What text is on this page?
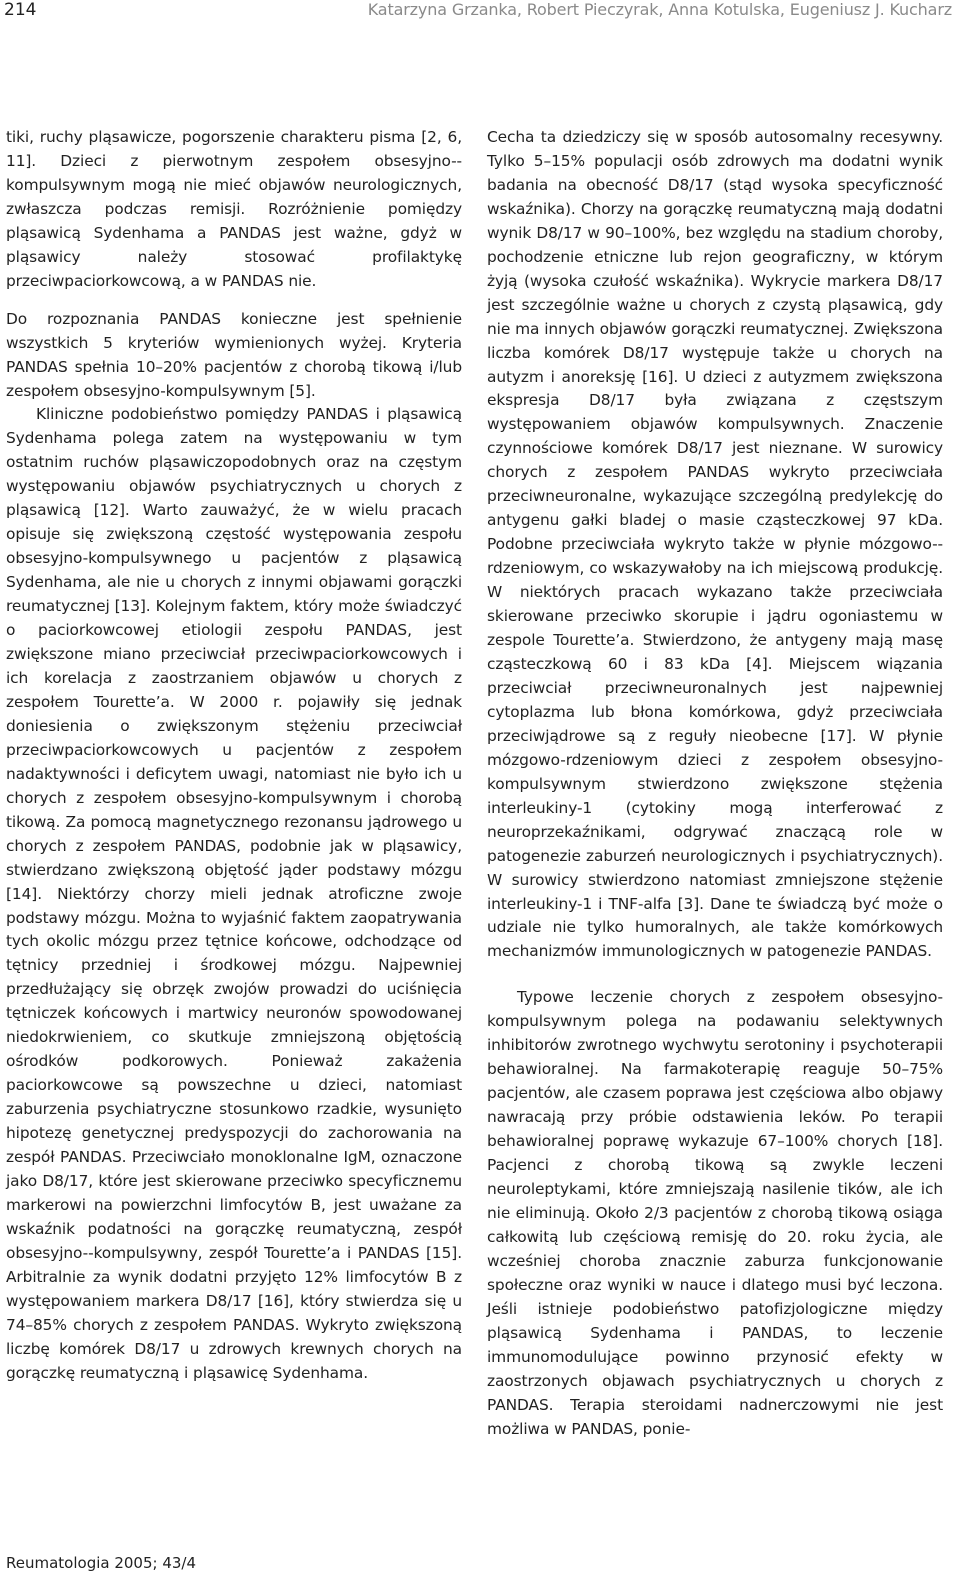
214	Katarzyna Grzanka, Robert Pieczyrak, Anna Kotulska, Eugeniusz J. Kucharz

tiki, ruchy pląsawicze, pogorszenie charakteru pisma [2, 6, 11]. Dzieci z pierwotnym zespołem obsesyjno--kompulsywnym mogą nie mieć objawów neurologicznych, zwłaszcza podczas remisji. Rozróżnienie pomiędzy pląsawicą Sydenhama a PANDAS jest ważne, gdyż w pląsawicy należy stosować profilaktykę przeciwpaciorkowcową, a w PANDAS nie.

Do rozpoznania PANDAS konieczne jest spełnienie wszystkich 5 kryteriów wymienionych wyżej. Kryteria PANDAS spełnia 10–20% pacjentów z chorobą tikową i/lub zespołem obsesyjno-kompulsywnym [5].

Kliniczne podobieństwo pomiędzy PANDAS i pląsawicą Sydenhama polega zatem na występowaniu w tym ostatnim ruchów pląsawiczopodobnych oraz na częstym występowaniu objawów psychiatrycznych u chorych z pląsawicą [12]. Warto zauważyć, że w wielu pracach opisuje się zwiększoną częstość występowania zespołu obsesyjno-kompulsywnego u pacjentów z pląsawicą Sydenhama, ale nie u chorych z innymi objawami gorączki reumatycznej [13]. Kolejnym faktem, który może świadczyć o paciorkowcowej etiologii zespołu PANDAS, jest zwiększone miano przeciwciał przeciwpaciorkowcowych i ich korelacja z zaostrzaniem objawów u chorych z zespołem Tourette’a. W 2000 r. pojawiły się jednak doniesienia o zwiększonym stężeniu przeciwciał przeciwpaciorkowcowych u pacjentów z zespołem nadaktywności i deficytem uwagi, natomiast nie było ich u chorych z zespołem obsesyjno-kompulsywnym i chorobą tikową. Za pomocą magnetycznego rezonansu jądrowego u chorych z zespołem PANDAS, podobnie jak w pląsawicy, stwierdzano zwiększoną objętość jąder podstawy mózgu [14]. Niektórzy chorzy mieli jednak atroficzne zwoje podstawy mózgu. Można to wyjaśnić faktem zaopatrywania tych okolic mózgu przez tętnice końcowe, odchodzące od tętnicy przedniej i środkowej mózgu. Najpewniej przedłużający się obrzęk zwojów prowadzi do uciśnięcia tętniczek końcowych i martwicy neuronów spowodowanej niedokrwieniem, co skutkuje zmniejszoną objętością ośrodków podkorowych. Ponieważ zakażenia paciorkowcowe są powszechne u dzieci, natomiast zaburzenia psychiatryczne stosunkowo rzadkie, wysunięto hipotezę genetycznej predyspozycji do zachorowania na zespół PANDAS. Przeciwciało monoklonalne IgM, oznaczone jako D8/17, które jest skierowane przeciwko specyficznemu markerowi na powierzchni limfocytów B, jest uważane za wskaźnik podatności na gorączkę reumatyczną, zespół obsesyjno--kompulsywny, zespół Tourette’a i PANDAS [15]. Arbitralnie za wynik dodatni przyjęto 12% limfocytów B z występowaniem markera D8/17 [16], który stwierdza się u 74–85% chorych z zespołem PANDAS. Wykryto zwiększoną liczbę komórek D8/17 u zdrowych krewnych chorych na gorączkę reumatyczną i pląsawicę Sydenhama.

Cecha ta dziedziczy się w sposób autosomalny recesywny. Tylko 5–15% populacji osób zdrowych ma dodatni wynik badania na obecność D8/17 (stąd wysoka specyficzność wskaźnika). Chorzy na gorączkę reumatyczną mają dodatni wynik D8/17 w 90–100%, bez względu na stadium choroby, pochodzenie etniczne lub rejon geograficzny, w którym żyją (wysoka czułość wskaźnika). Wykrycie markera D8/17 jest szczególnie ważne u chorych z czystą pląsawicą, gdy nie ma innych objawów gorączki reumatycznej. Zwiększona liczba komórek D8/17 występuje także u chorych na autyzm i anoreksję [16]. U dzieci z autyzmem zwiększona ekspresja D8/17 była związana z częstszym występowaniem objawów kompulsywnych. Znaczenie czynnościowe komórek D8/17 jest nieznane. W surowicy chorych z zespołem PANDAS wykryto przeciwciała przeciwneuronalne, wykazujące szczególną predylekcję do antygenu gałki bladej o masie cząsteczkowej 97 kDa. Podobne przeciwciała wykryto także w płynie mózgowo--rdzeniowym, co wskazywałoby na ich miejscową produkcję. W niektórych pracach wykazano także przeciwciała skierowane przeciwko skorupie i jądru ogoniastemu w zespole Tourette’a. Stwierdzono, że antygeny mają masę cząsteczkową 60 i 83 kDa [4]. Miejscem wiązania przeciwciał przeciwneuronalnych jest najpewniej cytoplazma lub błona komórkowa, gdyż przeciwciała przeciwjądrowe są z reguły nieobecne [17]. W płynie mózgowo-rdzeniowym dzieci z zespołem obsesyjno-kompulsywnym stwierdzono zwiększone stężenia interleukiny-1 (cytokiny mogą interferować z neuroprzekaźnikami, odgrywać znaczącą role w patogenezie zaburzeń neurologicznych i psychiatrycznych). W surowicy stwierdzono natomiast zmniejszone stężenie interleukiny-1 i TNF-alfa [3]. Dane te świadczą być może o udziale nie tylko humoralnych, ale także komórkowych mechanizmów immunologicznych w patogenezie PANDAS.

Typowe leczenie chorych z zespołem obsesyjno-kompulsywnym polega na podawaniu selektywnych inhibitorów zwrotnego wychwytu serotoniny i psychoterapii behawioralnej. Na farmakoterapię reaguje 50–75% pacjentów, ale czasem poprawa jest częściowa albo objawy nawracają przy próbie odstawienia leków. Po terapii behawioralnej poprawę wykazuje 67–100% chorych [18]. Pacjenci z chorobą tikową są zwykle leczeni neuroleptykami, które zmniejszają nasilenie tików, ale ich nie eliminują. Około 2/3 pacjentów z chorobą tikową osiąga całkowitą lub częściową remisję do 20. roku życia, ale wcześniej choroba znacznie zaburza funkcjonowanie społeczne oraz wyniki w nauce i dlatego musi być leczona. Jeśli istnieje podobieństwo patofizjologiczne między pląsawicą Sydenhama i PANDAS, to leczenie immunomodulujące powinno przynosić efekty w zaostrzonych objawach psychiatrycznych u chorych z PANDAS. Terapia steroidami nadnerczowymi nie jest możliwa w PANDAS, ponie-

Reumatologia 2005; 43/4
